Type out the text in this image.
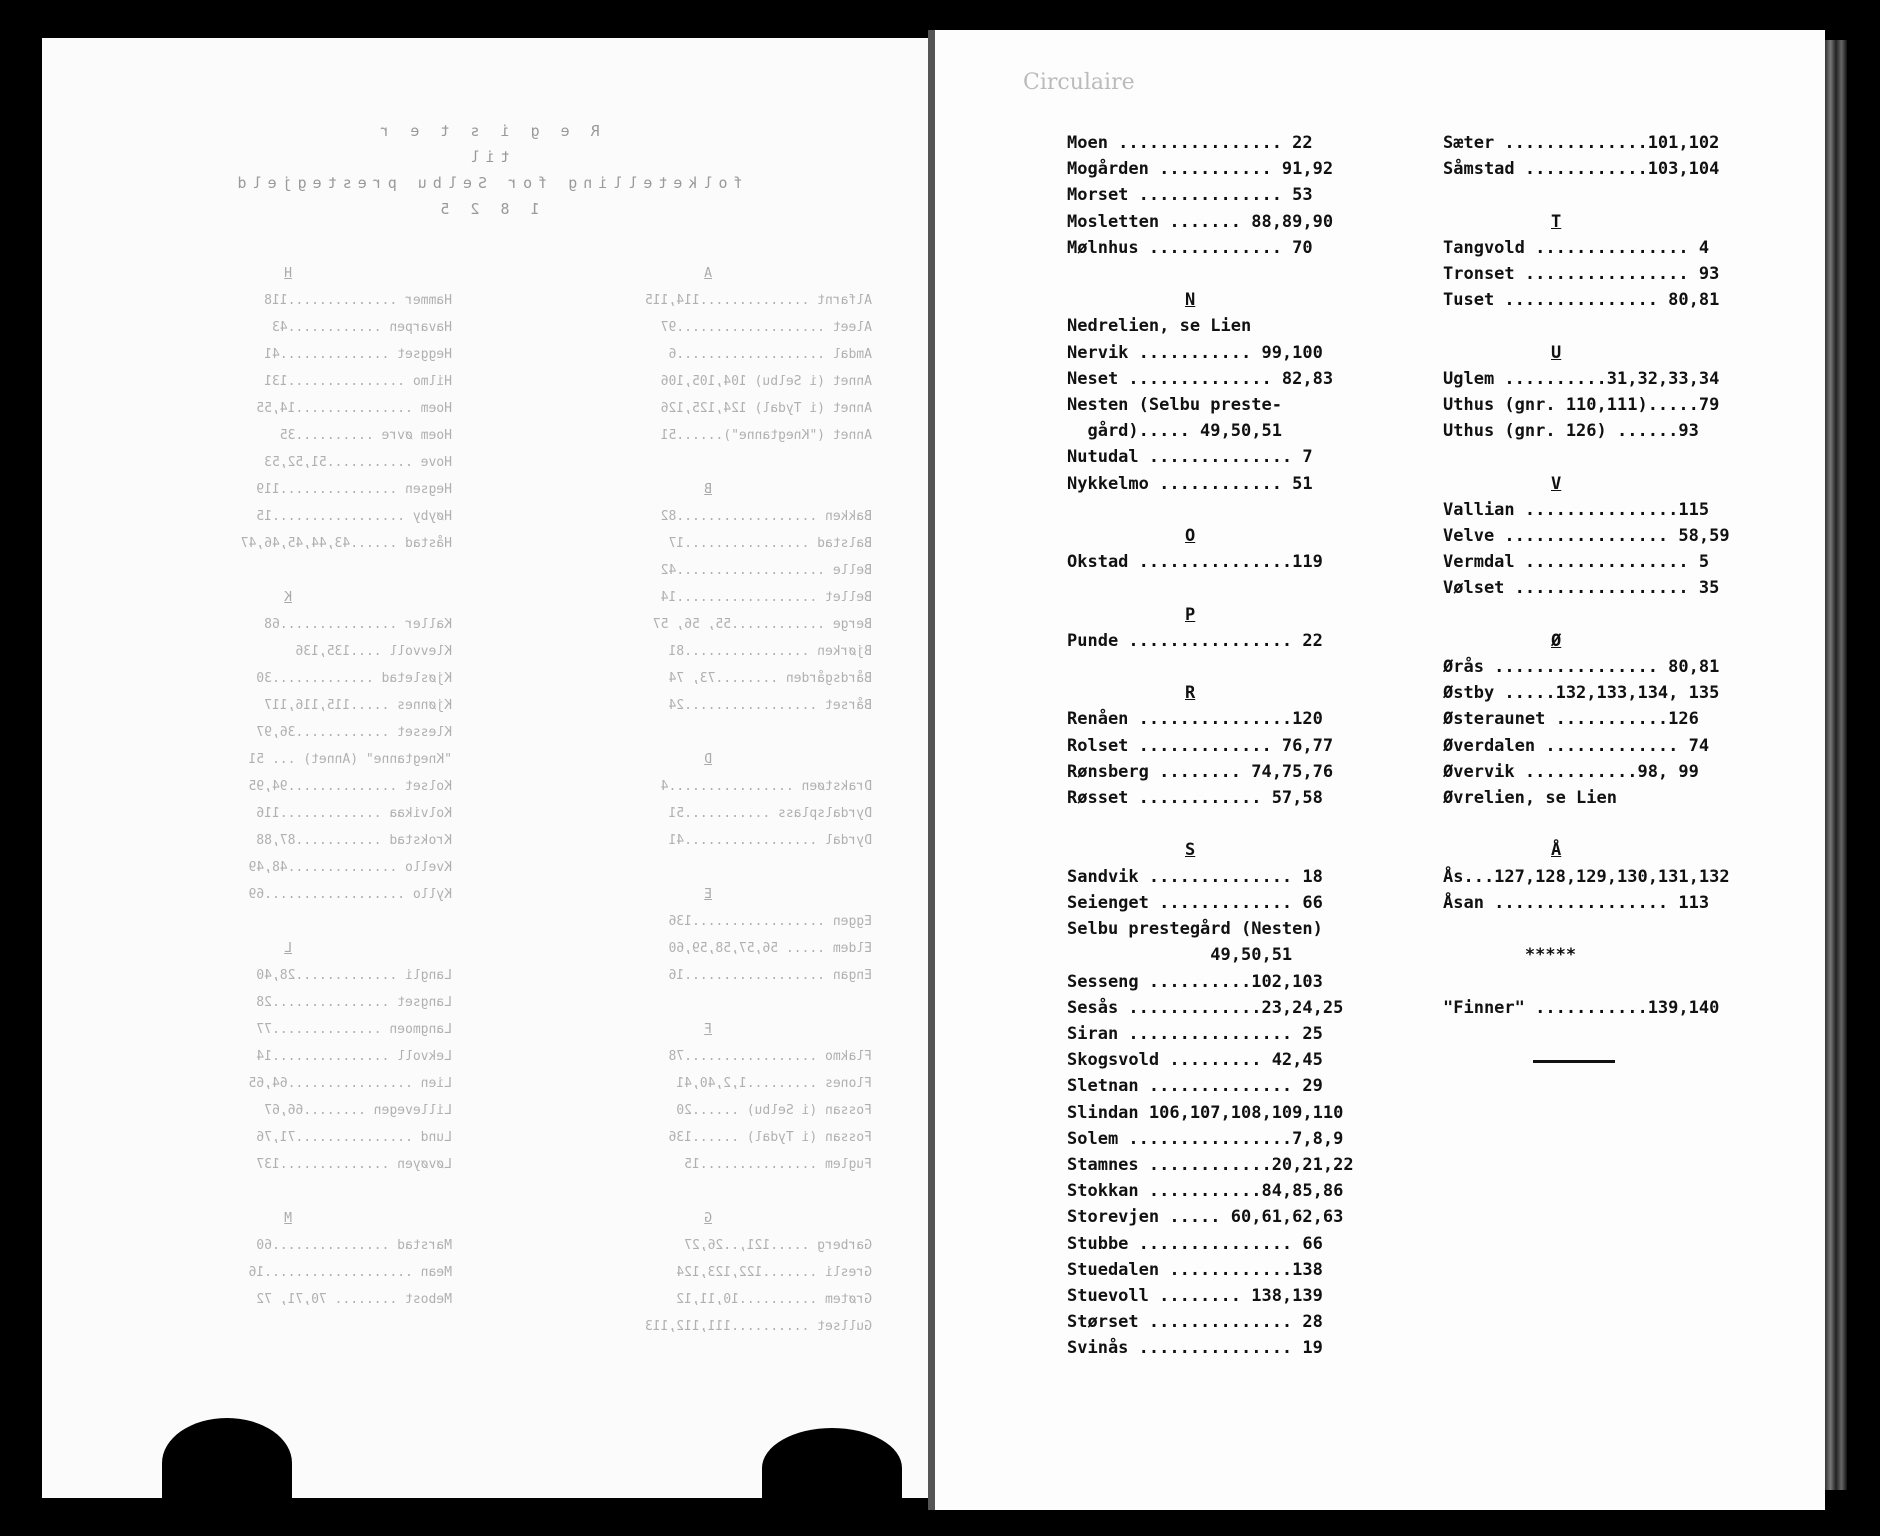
R e g i s t e r
til
folketelling for Selbu prestegjeld
1 8 2 5
A
Alfarnt ..............114,115
Aleet ...................97
Amdal ...................6
Annet (i Selbu) 104,105,106
Annet (i Tydal) 124,125,126
Annet ("Knegtanne")......51

B
Bakken ..................82
Balstad ................17
Belle ...................42
Bellet ..................14
Berge ............55, 56, 57
Bjørken ................81
Bårdsgården ........73, 74
Bårset .................24

D
Drakstøen ................4
Dyrdalsplass ...........51
Dyrdal .................41

E
Eggen .................136
Eldem ..... 56,57,58,59,60
Engan ..................16

F
Flakmo .................78
Flones .........1,2,40,41
Fossan (i Selbu) ......20
Fossan (i Tydal) ......136
Fuglem ...............15

G
Garberg .....121,..26,27
Gresli .......122,123,124
Grøtem ..........10,11,12
Gullset ..........111,112,113

H
Hammer ..............118
Havarpen ............43
Heggset ..............41
Hilmo ...............131
Hoem ...............14,55
Hoem øvre ..........35
Hove ...........51,52,53
Hegsen ...............119
Høyby .................15
Håstad ......43,44,45,46,47

K
Kaller ...............68
Klevvoll ....135,136
Kjøsletad .............30
Kjønnes .....115,116,117
Klesset ............36,97
"Knegtanne" (Annet) ... 51
Kolset ..............94,95
Kolvikaa .............116
Krokstad ...........87,88
Kvello ..............48,49
Kyllo ..................69

L
Langli .............28,40
Langset ...............28
Langmoen ..............77
Lekvoll ...............14
Lien ................64,65
Lillevegen ........66,67
Lund ...............71,76
Løvøyen ..............137

M
Marstad ...............60
Mean ...................16
Mebost ........ 70,71, 72

Circulaire
Moen ................ 22
Mogården ........... 91,92
Morset .............. 53
Mosletten ....... 88,89,90
Mølnhus ............. 70

N
Nedrelien, se Lien
Nervik ........... 99,100
Neset .............. 82,83
Nesten (Selbu preste-
gård)..... 49,50,51
Nutudal .............. 7
Nykkelmo ............ 51

O
Okstad ...............119

P
Punde ................ 22

R
Renåen ...............120
Rolset ............. 76,77
Rønsberg ........ 74,75,76
Røsset ............ 57,58

S
Sandvik .............. 18
Seienget ............. 66
Selbu prestegård (Nesten)
49,50,51
Sesseng ..........102,103
Sesås .............23,24,25
Siran ................ 25
Skogsvold ......... 42,45
Sletnan .............. 29
Slindan 106,107,108,109,110
Solem ................7,8,9
Stamnes ............20,21,22
Stokkan ...........84,85,86
Storevjen ..... 60,61,62,63
Stubbe ............... 66
Stuedalen ............138
Stuevoll ........ 138,139
Størset .............. 28
Svinås ............... 19
Sæter ..............101,102
Såmstad ............103,104

T
Tangvold ............... 4
Tronset ................ 93
Tuset ............... 80,81

U
Uglem ..........31,32,33,34
Uthus (gnr. 110,111).....79
Uthus (gnr. 126) ......93

V
Vallian ...............115
Velve ................ 58,59
Vermdal ................ 5
Vølset ................. 35

Ø
Ørås ................ 80,81
Østby .....132,133,134, 135
Østeraunet ...........126
Øverdalen ............. 74
Øvervik ...........98, 99
Øvrelien, se Lien

Å
Ås...127,128,129,130,131,132
Åsan ................. 113

*****

"Finner" ...........139,140
